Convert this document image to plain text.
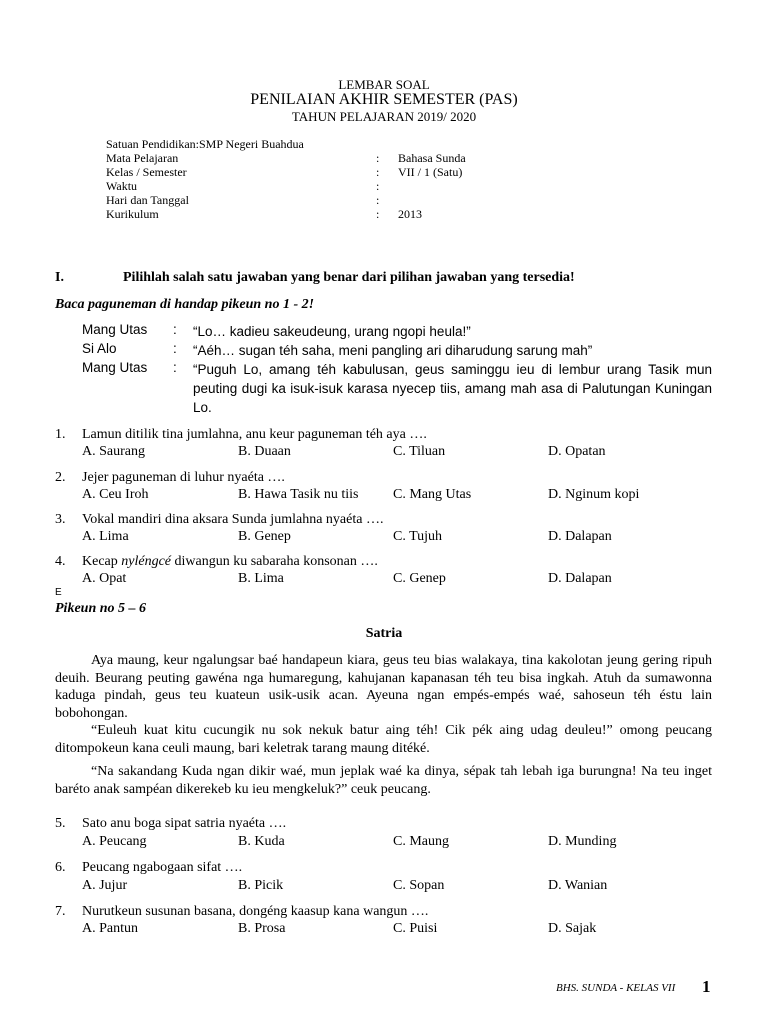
LEMBAR SOAL
PENILAIAN AKHIR SEMESTER (PAS)
TAHUN PELAJARAN 2019/ 2020
Satuan Pendidikan:SMP Negeri Buahdua
Mata Pelajaran	: Bahasa Sunda
Kelas / Semester	: VII / 1 (Satu)
Waktu	:
Hari dan Tanggal	:
Kurikulum	: 2013
I.	Pilihlah salah satu jawaban yang benar dari pilihan jawaban yang tersedia!
Baca paguneman di handap pikeun no 1 - 2!
Mang Utas : “Lo… kadieu sakeudeung, urang ngopi heula!”
Si Alo	: “Aéh… sugan téh saha, meni pangling ari diharudung sarung mah”
Mang Utas : “Puguh Lo, amang téh kabulusan, geus saminggu ieu di lembur urang Tasik mun peuting dugi ka isuk-isuk karasa nyecep tiis, amang mah asa di Palutungan Kuningan Lo.
1. Lamun ditilik tina jumlahna, anu keur paguneman téh aya ….
A. Saurang	B. Duaan	C. Tiluan	D. Opatan
2. Jejer paguneman di luhur nyaéta ….
A. Ceu Iroh	B. Hawa Tasik nu tiis C. Mang Utas	D. Nginum kopi
3. Vokal mandiri dina aksara Sunda jumlahna nyaéta ….
A. Lima	B. Genep	C. Tujuh	D. Dalapan
4. Kecap nyléngcé diwangun ku sabaraha konsonan ….
A. Opat	B. Lima	C. Genep	D. Dalapan
E
Pikeun no 5 – 6
Satria
Aya maung, keur ngalungsar baé handapeun kiara, geus teu bias walakaya, tina kakolotan jeung gering ripuh deuih. Beurang peuting gawéna nga humaregung, kahujanan kapanasan téh teu bisa ingkah. Atuh da sumawonna kaduga pindah, geus teu kuateun usik-usik acan. Ayeuna ngan empés-empés waé, sahoseun téh éstu lain bobohongan.
“Euleuh kuat kitu cucungik nu sok nekuk batur aing téh! Cik pék aing udag deuleu!” omong peucang ditompokeun kana ceuli maung, bari keletrak tarang maung ditéké.
“Na sakandang Kuda ngan dikir waé, mun jeplak waé ka dinya, sépak tah lebah iga burungna! Na teu inget baréto anak sampéan dikerekeb ku ieu mengkeluk?” ceuk peucang.
5. Sato anu boga sipat satria nyaéta ….
A. Peucang	B. Kuda	C. Maung	D. Munding
6. Peucang ngabogaan sifat ….
A. Jujur	B. Picik	C. Sopan	D. Wanian
7. Nurutkeun susunan basana, dongéng kaasup kana wangun ….
A. Pantun	B. Prosa	C. Puisi	D. Sajak
BHS. SUNDA - KELAS VII 1
